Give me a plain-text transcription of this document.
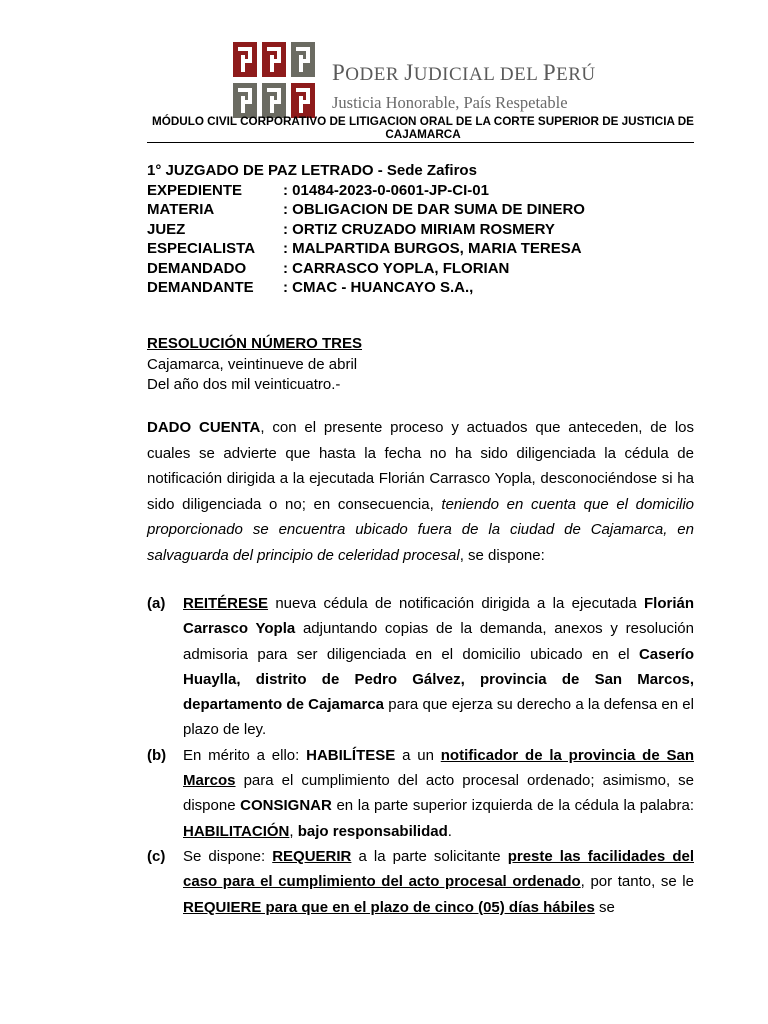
PODER JUDICIAL DEL PERÚ
Justicia Honorable, País Respetable
MÓDULO CIVIL CORPORATIVO DE LITIGACION ORAL DE LA CORTE SUPERIOR DE JUSTICIA DE CAJAMARCA
1° JUZGADO DE PAZ LETRADO - Sede Zafiros
EXPEDIENTE	: 01484-2023-0-0601-JP-CI-01
MATERIA	: OBLIGACION DE DAR SUMA DE DINERO
JUEZ	: ORTIZ CRUZADO MIRIAM ROSMERY
ESPECIALISTA	: MALPARTIDA BURGOS, MARIA TERESA
DEMANDADO	: CARRASCO YOPLA, FLORIAN
DEMANDANTE	: CMAC - HUANCAYO S.A.,
RESOLUCIÓN NÚMERO TRES
Cajamarca, veintinueve de abril
Del año dos mil veinticuatro.-
DADO CUENTA, con el presente proceso y actuados que anteceden, de los cuales se advierte que hasta la fecha no ha sido diligenciada la cédula de notificación dirigida a la ejecutada Florián Carrasco Yopla, desconociéndose si ha sido diligenciada o no; en consecuencia, teniendo en cuenta que el domicilio proporcionado se encuentra ubicado fuera de la ciudad de Cajamarca, en salvaguarda del principio de celeridad procesal, se dispone:
(a)	REITÉRESE nueva cédula de notificación dirigida a la ejecutada Florián Carrasco Yopla adjuntando copias de la demanda, anexos y resolución admisoria para ser diligenciada en el domicilio ubicado en el Caserío Huaylla, distrito de Pedro Gálvez, provincia de San Marcos, departamento de Cajamarca para que ejerza su derecho a la defensa en el plazo de ley.
(b)	En mérito a ello: HABILÍTESE a un notificador de la provincia de San Marcos para el cumplimiento del acto procesal ordenado; asimismo, se dispone CONSIGNAR en la parte superior izquierda de la cédula la palabra: HABILITACIÓN, bajo responsabilidad.
(c)	Se dispone: REQUERIR a la parte solicitante preste las facilidades del caso para el cumplimiento del acto procesal ordenado, por tanto, se le REQUIERE para que en el plazo de cinco (05) días hábiles se
